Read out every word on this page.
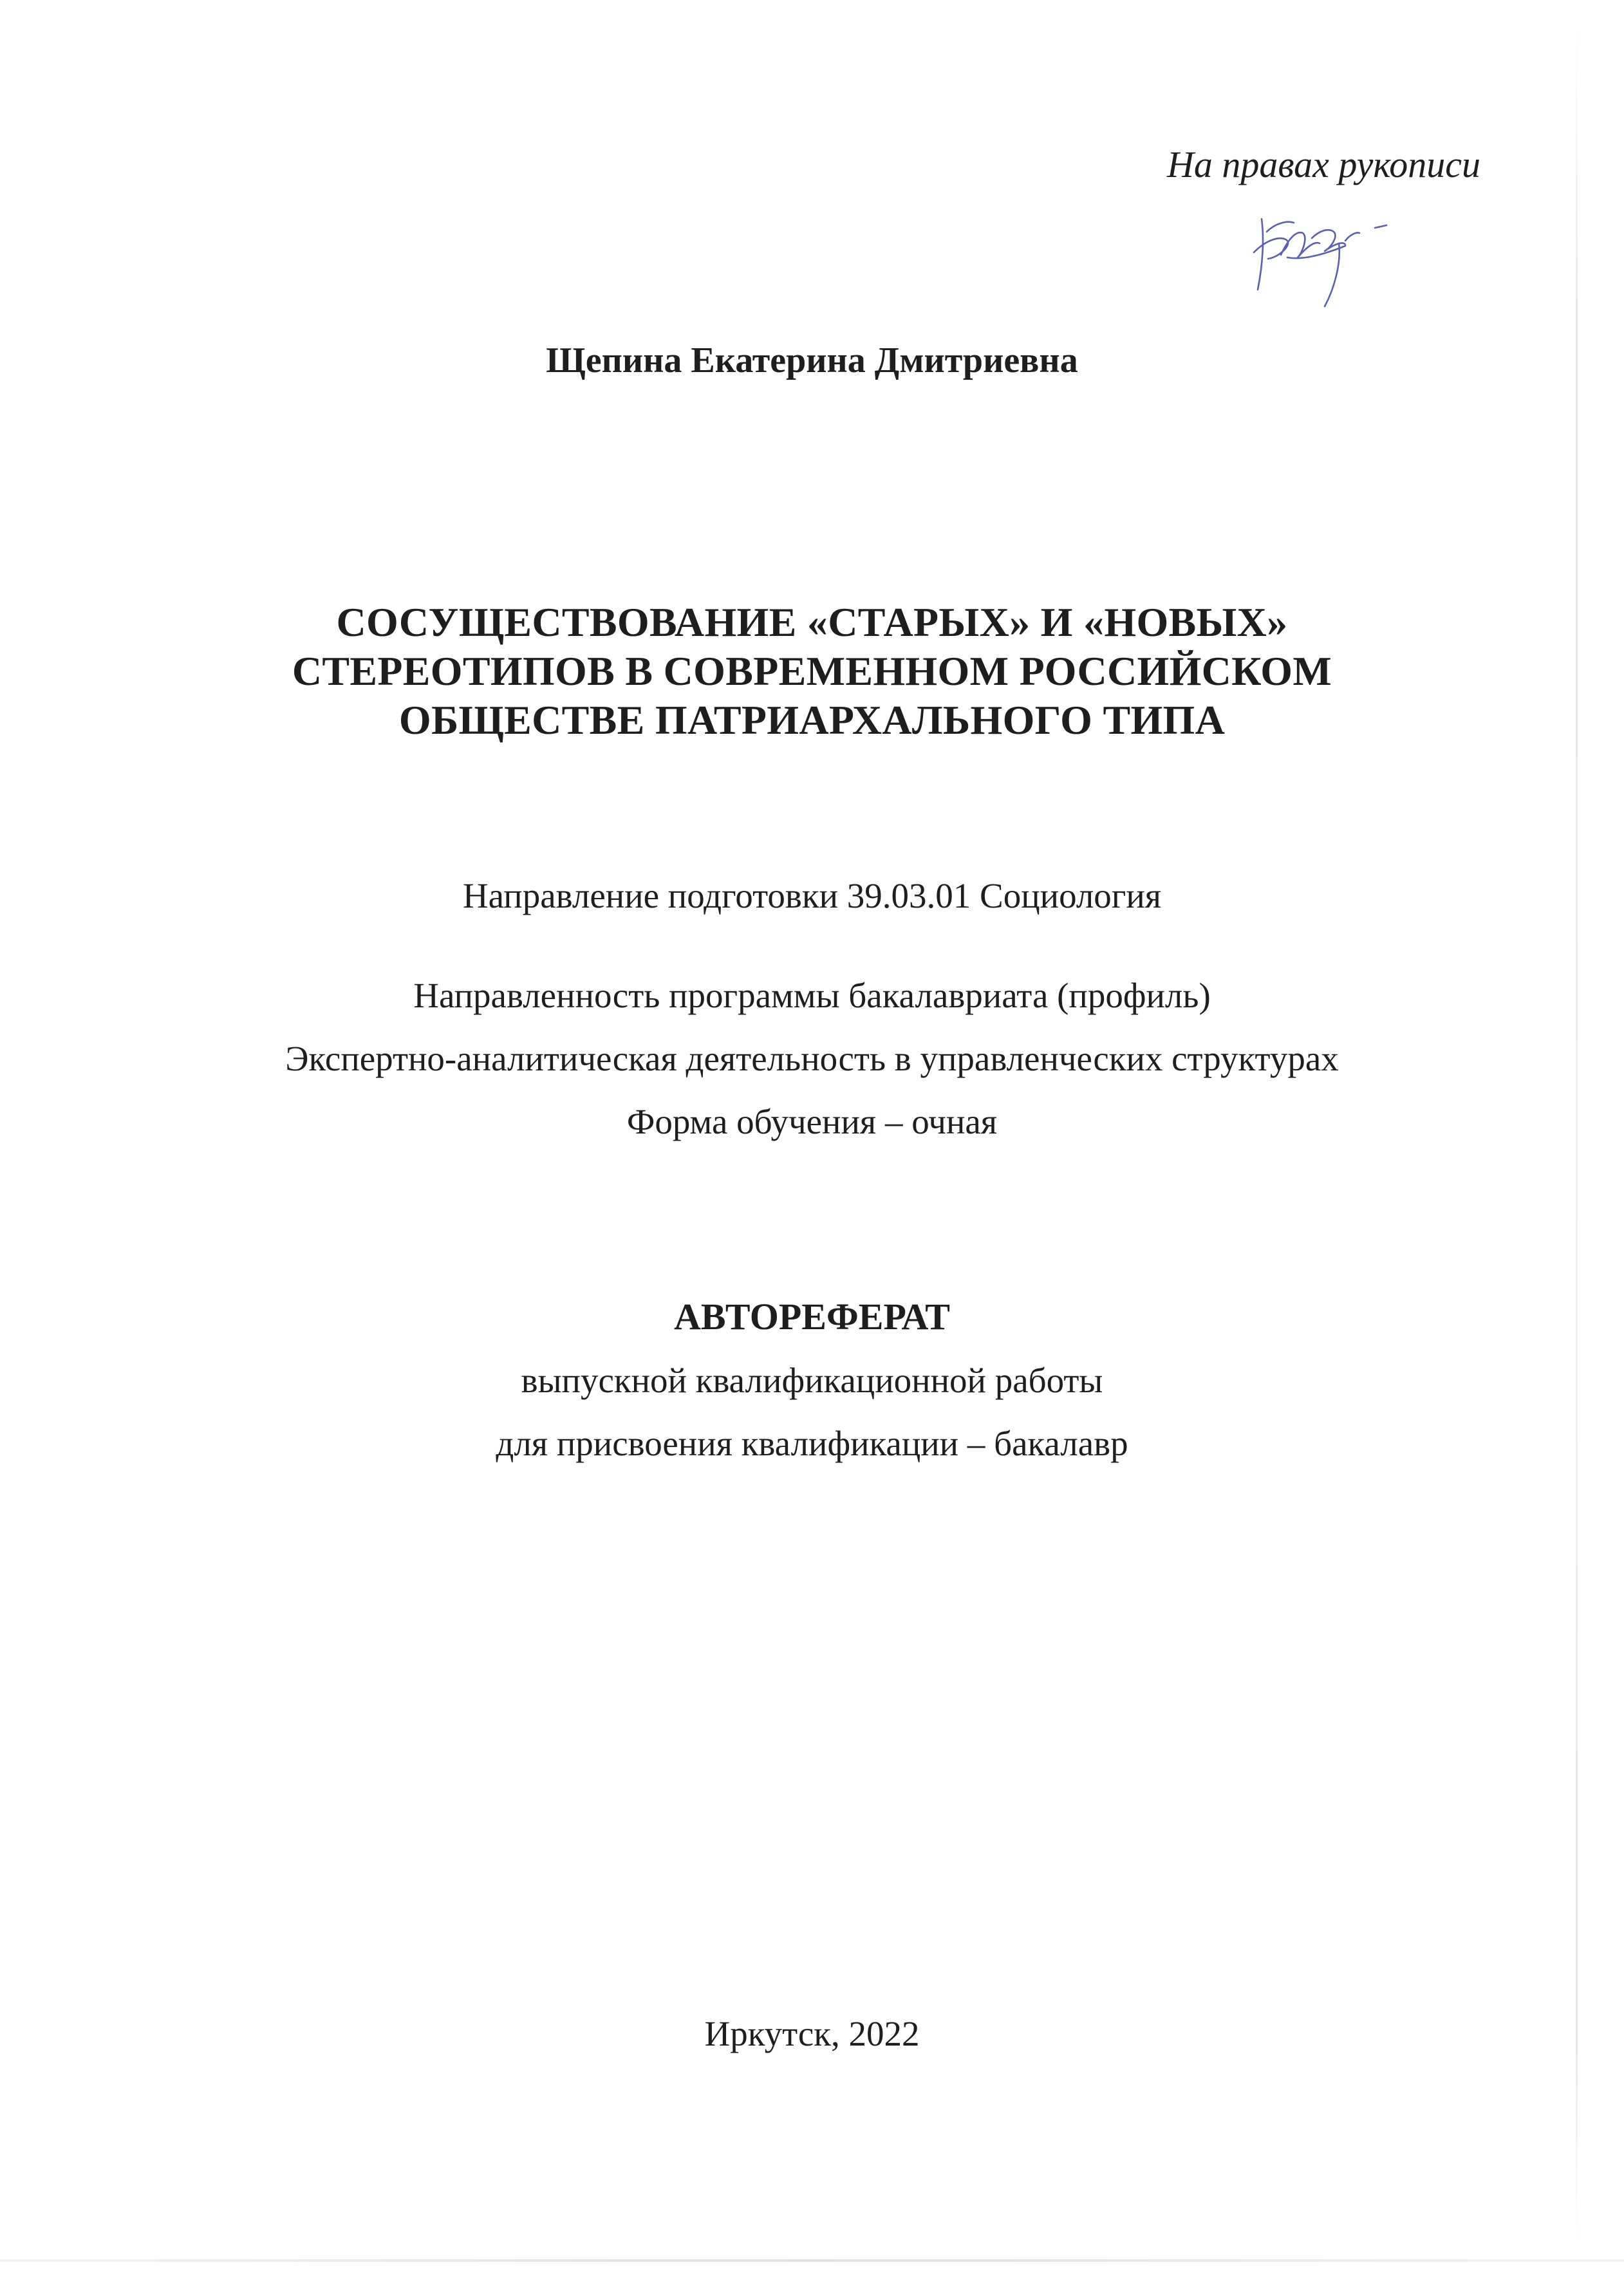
На правах рукописи
Щепина Екатерина Дмитриевна
СОСУЩЕСТВОВАНИЕ «СТАРЫХ» И «НОВЫХ»
СТЕРЕОТИПОВ В СОВРЕМЕННОМ РОССИЙСКОМ
ОБЩЕСТВЕ ПАТРИАРХАЛЬНОГО ТИПА
Направление подготовки 39.03.01 Социология
Направленность программы бакалавриата (профиль)
Экспертно-аналитическая деятельность в управленческих структурах
Форма обучения – очная
АВТОРЕФЕРАТ
выпускной квалификационной работы
для присвоения квалификации – бакалавр
Иркутск, 2022
